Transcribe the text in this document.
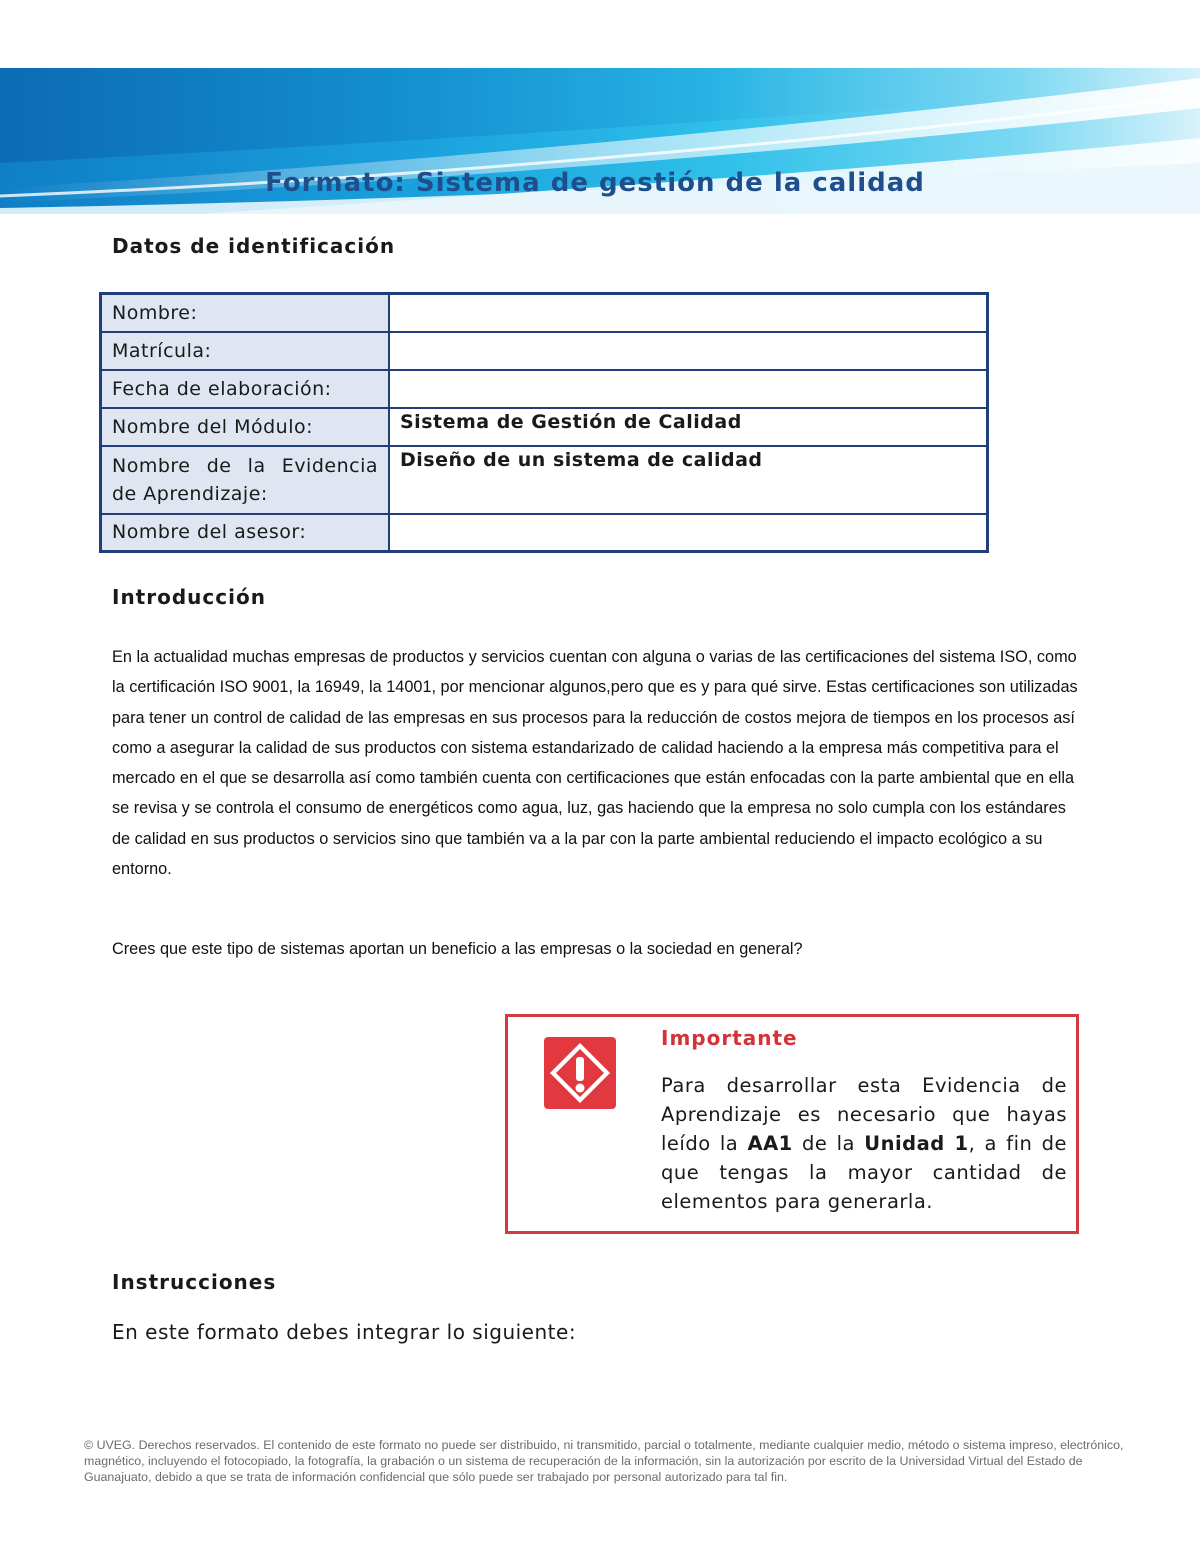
Formato: Sistema de gestión de la calidad
Datos de identificación
Nombre:	
Matrícula:	
Fecha de elaboración:	
Nombre del Módulo:	Sistema de Gestión de Calidad
Nombre de la Evidencia de Aprendizaje:	Diseño de un sistema de calidad
Nombre del asesor:	
Introducción

En la actualidad muchas empresas de productos y servicios cuentan con alguna o varias de las certificaciones del sistema ISO, como la certificación ISO 9001, la 16949, la 14001, por mencionar algunos,pero que es y para qué sirve. Estas certificaciones son utilizadas para tener un control de calidad de las empresas en sus procesos para la reducción de costos mejora de tiempos en los procesos así como a asegurar la calidad de sus productos con sistema estandarizado de calidad haciendo a la empresa más competitiva para el mercado en el que se desarrolla así como también cuenta con certificaciones que están enfocadas con la parte ambiental que en ella se revisa y se controla el consumo de energéticos como agua, luz, gas haciendo que la empresa no solo cumpla con los estándares de calidad en sus productos o servicios sino que también va a la par con la parte ambiental reduciendo el impacto ecológico a su entorno.

Crees que este tipo de sistemas aportan un beneficio a las empresas o la sociedad en general?

Importante

Para desarrollar esta Evidencia de Aprendizaje es necesario que hayas leído la AA1 de la Unidad 1, a fin de que tengas la mayor cantidad de elementos para generarla.

Instrucciones

En este formato debes integrar lo siguiente:

© UVEG. Derechos reservados. El contenido de este formato no puede ser distribuido, ni transmitido, parcial o totalmente, mediante cualquier medio, método o sistema impreso, electrónico, magnético, incluyendo el fotocopiado, la fotografía, la grabación o un sistema de recuperación de la información, sin la autorización por escrito de la Universidad Virtual del Estado de Guanajuato, debido a que se trata de información confidencial que sólo puede ser trabajado por personal autorizado para tal fin.
